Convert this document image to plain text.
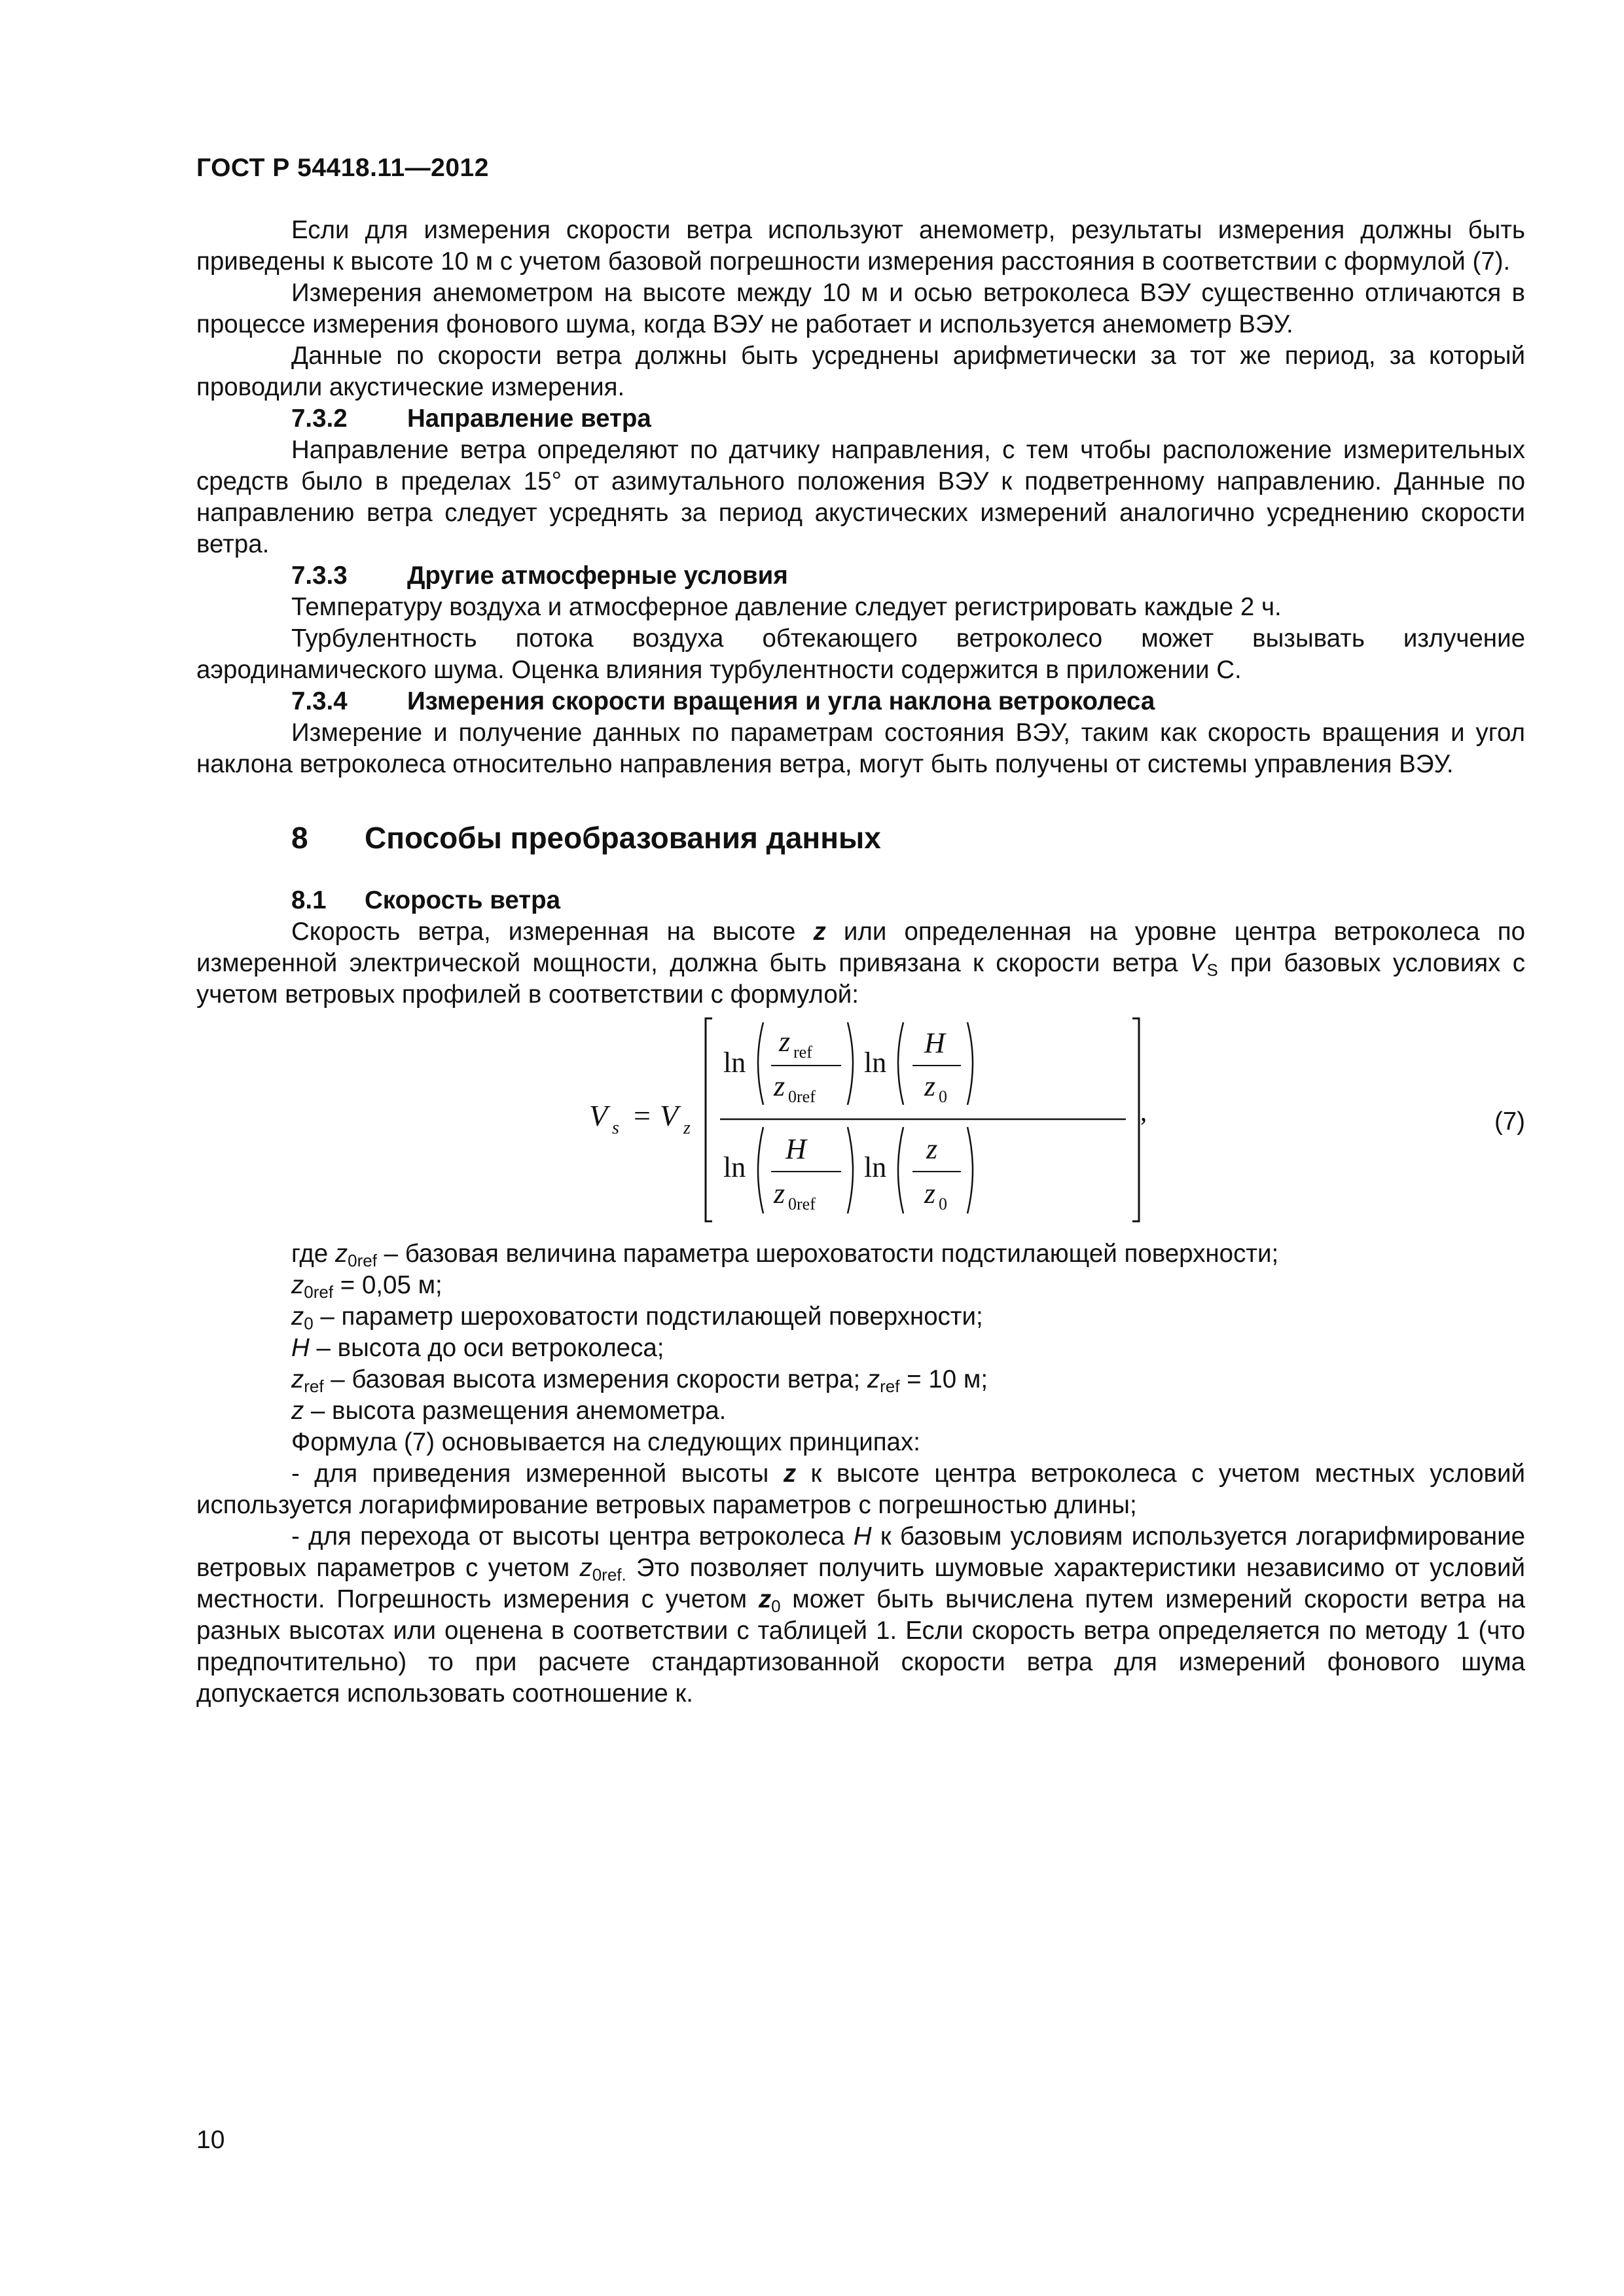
ГОСТ Р 54418.11—2012

Если для измерения скорости ветра используют анемометр, результаты измерения должны быть приведены к высоте 10 м с учетом базовой погрешности измерения расстояния в соответствии с формулой (7).

Измерения анемометром на высоте между 10 м и осью ветроколеса ВЭУ существенно отличаются в процессе измерения фонового шума, когда ВЭУ не работает и используется анемометр ВЭУ.

Данные по скорости ветра должны быть усреднены арифметически за тот же период, за который проводили акустические измерения.

7.3.2 Направление ветра

Направление ветра определяют по датчику направления, с тем чтобы расположение измерительных средств было в пределах 15° от азимутального положения ВЭУ к подветренному направлению. Данные по направлению ветра следует усреднять за период акустических измерений аналогично усреднению скорости ветра.

7.3.3 Другие атмосферные условия

Температуру воздуха и атмосферное давление следует регистрировать каждые 2 ч.

Турбулентность потока воздуха обтекающего ветроколесо может вызывать излучение аэродинамического шума. Оценка влияния турбулентности содержится в приложении С.

7.3.4 Измерения скорости вращения и угла наклона ветроколеса

Измерение и получение данных по параметрам состояния ВЭУ, таким как скорость вращения и угол наклона ветроколеса относительно направления ветра, могут быть получены от системы управления ВЭУ.

8 Способы преобразования данных

8.1 Скорость ветра

Скорость ветра, измеренная на высоте z или определенная на уровне центра ветроколеса по измеренной электрической мощности, должна быть привязана к скорости ветра $V_S$ при базовых условиях с учетом ветровых профилей в соответствии с формулой:

V s = V z
,
ln
z ref
z 0ref
ln
H
z 0
ln
H
z 0ref
ln
z
z 0
(7)

где $z_{0ref}$ – базовая величина параметра шероховатости подстилающей поверхности;

$z_{0ref} = 0,05$ м;

$z_0$ – параметр шероховатости подстилающей поверхности;

H – высота до оси ветроколеса;

$z_{ref}$ – базовая высота измерения скорости ветра; $z_{ref} = 10$ м;

z – высота размещения анемометра.

Формула (7) основывается на следующих принципах:

- для приведения измеренной высоты z к высоте центра ветроколеса с учетом местных условий используется логарифмирование ветровых параметров с погрешностью длины;

- для перехода от высоты центра ветроколеса H к базовым условиям используется логарифмирование ветровых параметров с учетом $z_{0ref.}$ Это позволяет получить шумовые характеристики независимо от условий местности. Погрешность измерения с учетом $z_0$ может быть вычислена путем измерений скорости ветра на разных высотах или оценена в соответствии с таблицей 1. Если скорость ветра определяется по методу 1 (что предпочтительно) то при расчете стандартизованной скорости ветра для измерений фонового шума допускается использовать соотношение к.

10
